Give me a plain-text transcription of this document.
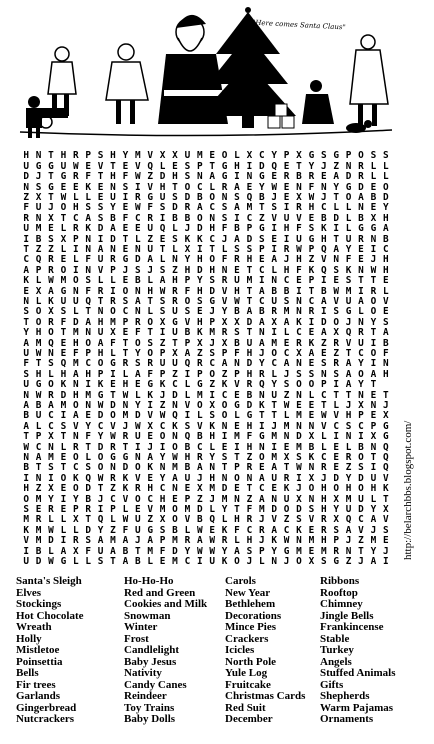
"Here comes Santa Claus"
H N T H R P S H Y M V X X U M E O L X C Y P X G S G P O S S
U G G U W E V T E V Q L E S P T G H I D Q E T Y J Z N R L L
D J T G R F T H F W Z D H S N A G I N G E R B R E A D R L L
N S G E E K E N S I V H T O C L R A E Y W E N F N Y G D E O
Z X T W L L E U I R G U S D B O N S Q B J E X W J T O A B D
F U J O H S S Y E W F S D R A C S A M T S I R H C L L N E Y
R N X T C A S B F C R I B B O N S I C Z V U V E B D L B X H
U M E L R K D A E E U Q L J D H F B P G I H F S K I L G G A
I B S X P N I D T L Z E S K K C J A D S E I U G H T U R N B
T Z Z L I N A N E N U T L X I T L S S P I R W P Q A Y E I C
C Q R E L F U R G D A L N Y H O F R H E A J H Z V N F E J H
A P R O I N V P J S J S Z H D H N E T C L H F K Q S K N W H
K L W M O S L L E B L A H P Y S R U M I N C E P I E S T T E
E X A G N F R I O N H W R F H D V H T A B B I T B W M I R L
N L K U U Q T R S A T S R O S G V W T C U S N C A V U A O V
S O X S L T N O C N L S U S E J Y B A B R M N R I S G L O E
T O R F D A H M P R O X G V H P X X D A X A K I D O J N Y S
Y H O T M N U X E F T I U B K M R S T N I L C E A X Q R T A
A M Q E H O A F T O S Z T P X J X B U A M E R K Z R V U I B
U W N E F P H L T Y O P X A Z S P F H J O C X A E Z T C O F
F T S Q M C O G R S R U U Q R C A N D Y C A N E S R A Y I N
S H L H A H P I L A F P Z I P O Z P H R L J S S N S A O A H
U G O K N I K E H E G K C L G Z K V R Q Y S O O P I A Y T
N W R D H M G T W L K J D L M I C E B N U Z N L C T T N E T
A B A M O N W D N Y I Z N V O X O G D K T W E E T L J X N J
B U C I A E D O M D V W Q I L S O L G T T L M E W V H P E X
A L C S V Y C V J W X C K S V K N E H I J M N N V C S C P G
T P X T N F Y W R U E O N Q B H I M F G M N D X L I N I X G
W C N L R T D R T I J I O B C L E I H N I E M B L E L B N Q
N A M E O L O G G N A Y W H R Y S T Z O M X S K C E R O T Q
B T S T C S O N D O K N M B A N T P R E A T W N R E Z S I Q
I N I O K Q W R K V E Y A U J H N O N A U R I X J D Y D U V
H Z X E O D T Z K R H C N E X M D E T C E K J O H O H O H K
O M Y I Y B J C V O C H E P Z J M N Z A N U X N H X M U L T
S E R E P R I P L E V M O M D L Y T F M D O D S H Y U D Y X
M R L L X T Q L W U Z X O V B Q L H R J V Z S V R X Q C A V
K M W L L D Y Z F U G S B L W E K F C R A C K E R S A V J S
V M D I R S A M A J A P M R A W R L H J K W N M H P J Z M E
I B L A X F U A B T M F D Y W W Y A S P Y G M E M R N T Y J
U D W G L L S T A B L E M C I U K O J L N J O X S G Z J A I
http://belarchbbs.blogspot.com/
Santa's Sleigh
Elves
Stockings
Hot Chocolate
Wreath
Holly
Mistletoe
Poinsettia
Bells
Fir trees
Garlands
Gingerbread
Nutcrackers
Ho-Ho-Ho
Red and Green
Cookies and Milk
Snowman
Winter
Frost
Candlelight
Baby Jesus
Nativity
Candy Canes
Reindeer
Toy Trains
Baby Dolls
Carols
New Year
Bethlehem
Decorations
Mince Pies
Crackers
Icicles
North Pole
Yule Log
Fruitcake
Christmas Cards
Red Suit
December
Ribbons
Rooftop
Chimney
Jingle Bells
Frankincense
Stable
Turkey
Angels
Stuffed Animals
Gifts
Shepherds
Warm Pajamas
Ornaments
